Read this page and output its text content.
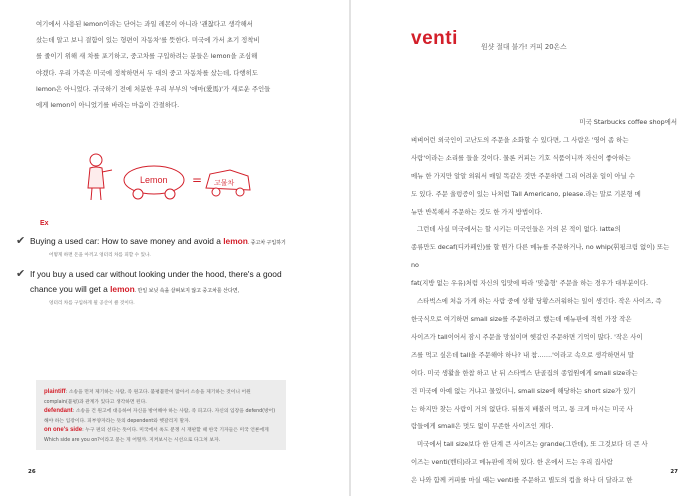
여기에서 사용된 lemon이라는 단어는 과일 레몬이 아니라 '괜찮다고 생각해서

샀는데 알고 보니 결함이 있는 형편이 자동차'를 뜻한다. 미국에 가서 초기 정착비

를 줄이기 위해 새 차를 포기하고, 중고차를 구입하려는 분들은 lemon을 조심해

야겠다. 우리 가족은 미국에 정착하면서 두 대의 중고 자동차를 샀는데, 다행히도

lemon은 아니었다. 귀국하기 전에 처분한 우리 부부의 '애마(愛馬)'가 새로운 주인들

에게 lemon이 아니었기를 바라는 마음이 간절하다.

Lemon = 고물차
Ex
✔ Buying a used car: How to save money and avoid a lemon. 중고차 구입하기
어떻게 하면 돈을 아끼고 엉터리 차를 피할 수 있나.
✔ If you buy a used car without looking under the hood, there's a good
chance you will get a lemon. 만일 보닛 속을 살펴보지 않고 중고차를 산다면,
엉터리 차를 구입하게 될 공산이 클 것이다.
plaintiff: 소송을 먼저 제기하는 사람, 즉 원고다. 불평불만이 많아서 소송을 제기하는 것이니 어원 complain(불평)과 관계가 있다고 생각하면 된다.
defendant: 소송을 건 원고에 대응하여 자신을 방어해야 하는 사람, 즉 피고다. 자신의 입장을 defend(방어)해야 하는 입장이다. 피부양자라는 뜻의 dependent와 헷갈리지 말자.
on one's side: 누구 편의 선다는 뜻이다. 미국에서 옥도 분쟁 시 재판할 때 한국 기자들은 미국 언론에게 Which side are you on?이라고 묻는 게 어떨까. 지켜보시는 시선으로 다그쳐 보자.
26
venti	원샷 절대 불가! 커피 20온스

미국 Starbucks coffee shop에서

벼벼어런 외국인이 고난도의 주문을 소화할 수 있다면, 그 사람은 '영어 좀 하는

사람'이라는 소리를 들을 것이다. 물론 커피는 기호 식품이니까 자신이 좋아하는

메뉴 한 가지만 알알 외워서 매일 똑같은 것만 주문하면 그리 어려운 일이 아닐 수

도 있다. 주문 울렁증이 있는 나처럼 Tall Americano, please.라는 말로 기본형 메

뉴만 반복해서 주문하는 것도 한 가지 방법이다.

그런데 사실 미국에서는 할 시키는 미국인들은 거의 본 적이 없다. latte의

종류만도 decaf(디카페인)를 할 뭔가 다른 메뉴를 주문하거나, no whip(휘핑크림 없이) 또는 no

fat(지방 없는 우유)처럼 자신의 입맛에 따라 '맞춤형' 주문을 하는 경우가 대부분이다.

스타벅스에 처음 가게 하는 사람 중에 상황 당황스러워하는 일이 생긴다. 작은 사이즈, 즉

한국식으로 여기하면 small size를 주문하려고 했는데 메뉴판에 적힌 가장 작은

사이즈가 tall이어서 잠시 주문을 망설이며 헷갈린 주문하면 기억이 많다. '작은 사이

즈를 먹고 싶은데 tall을 주문해야 하나? 내 참…….'이라고 속으로 생각하면서 말

이다. 미국 생활을 한참 하고 난 뒤 스타벅스 단골집의 종업원에게 small size라는

건 미국에 아예 없는 거냐고 물었더니, small size에 해당하는 short size가 있기

는 하지만 찾는 사람이 거의 없단다. 뒤틀지 배불러 먹고, 통 크게 마시는 미국 사

람들에게 small은 멋도 없이 무존한 사이즈인 게다.

미국에서 tall size보다 한 단계 큰 사이즈는 grande(그란데), 또 그것보다 더 큰 사

이즈는 venti(벤티)라고 메뉴판에 적혀 있다. 한 온에서 드는 우리 집사람

은 나와 함께 커피를 마실 때는 venti를 주문하고 별도의 컵을 하나 더 달라고 한

27
